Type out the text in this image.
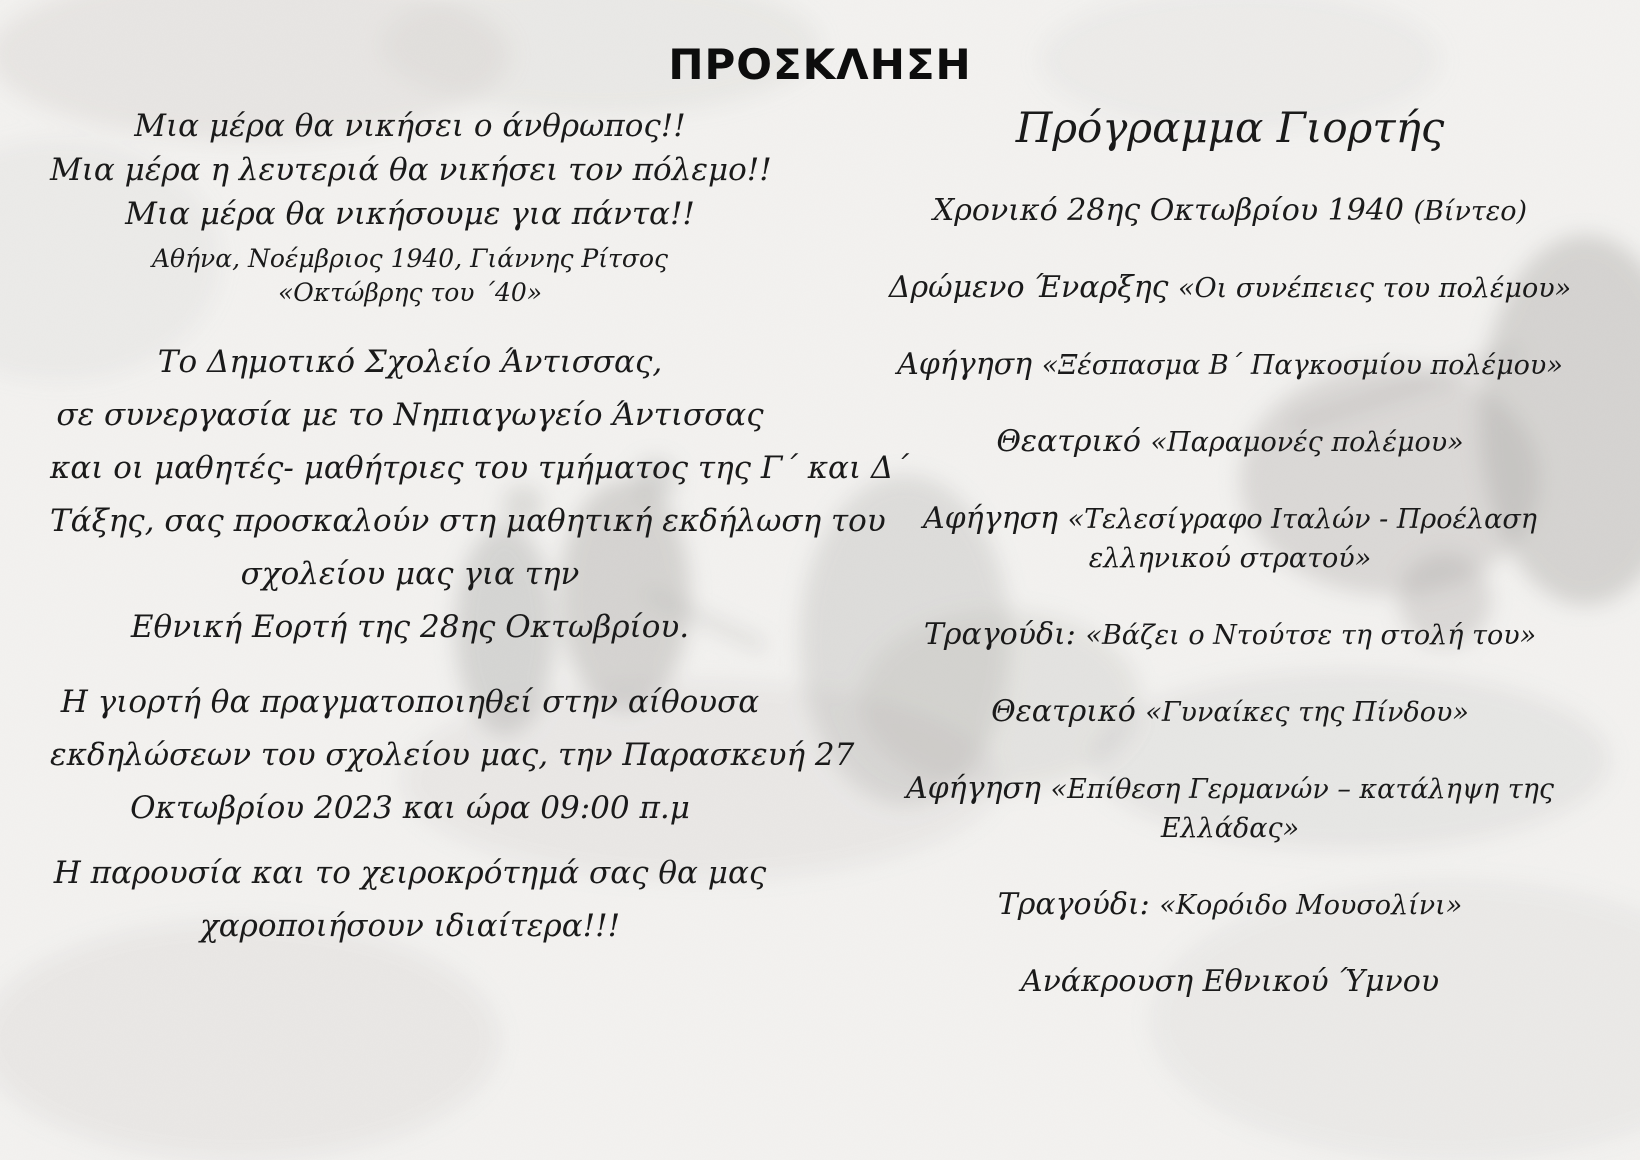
ΠΡΟΣΚΛΗΣΗ
Μια μέρα θα νικήσει ο άνθρωπος!!
Μια μέρα η λευτεριά θα νικήσει τον πόλεμο!!
Μια μέρα θα νικήσουμε για πάντα!!
Αθήνα, Νοέμβριος 1940, Γιάννης Ρίτσος
«Οκτώβρης του ΄40»
Το Δημοτικό Σχολείο Άντισσας,
σε συνεργασία με το Νηπιαγωγείο Άντισσας
και οι μαθητές- μαθήτριες του τμήματος της Γ΄ και Δ΄
Τάξης, σας προσκαλούν στη μαθητική εκδήλωση του
σχολείου μας για την
Εθνική Εορτή της 28ης Οκτωβρίου.
Η γιορτή θα πραγματοποιηθεί στην αίθουσα
εκδηλώσεων του σχολείου μας, την Παρασκευή 27
Οκτωβρίου 2023 και ώρα 09:00 π.μ
Η παρουσία και το χειροκρότημά σας θα μας
χαροποιήσουν ιδιαίτερα!!!
Πρόγραμμα Γιορτής
Χρονικό 28ης Οκτωβρίου 1940 (Βίντεο)
Δρώμενο Έναρξης «Οι συνέπειες του πολέμου»
Αφήγηση «Ξέσπασμα Β΄ Παγκοσμίου πολέμου»
Θεατρικό «Παραμονές πολέμου»
Αφήγηση «Τελεσίγραφο Ιταλών - Προέλαση ελληνικού στρατού»
Τραγούδι: «Βάζει ο Ντούτσε τη στολή του»
Θεατρικό «Γυναίκες της Πίνδου»
Αφήγηση «Επίθεση Γερμανών – κατάληψη της Ελλάδας»
Τραγούδι: «Κορόιδο Μουσολίνι»
Ανάκρουση Εθνικού Ύμνου
